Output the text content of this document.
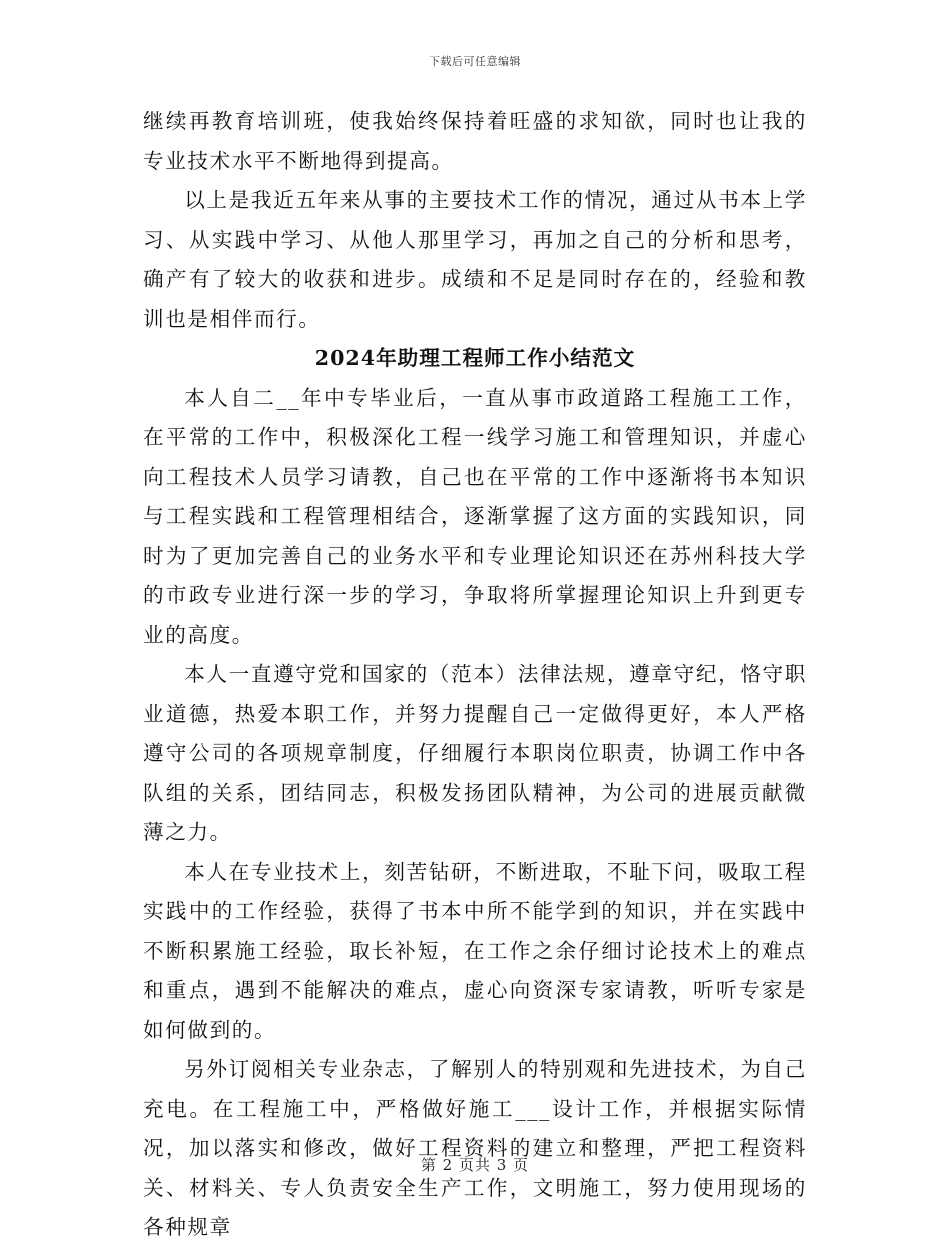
下载后可任意编辑

继续再教育培训班，使我始终保持着旺盛的求知欲，同时也让我的专业技术水平不断地得到提高。

以上是我近五年来从事的主要技术工作的情况，通过从书本上学习、从实践中学习、从他人那里学习，再加之自己的分析和思考，确产有了较大的收获和进步。成绩和不足是同时存在的，经验和教训也是相伴而行。

2024年助理工程师工作小结范文

本人自二__年中专毕业后，一直从事市政道路工程施工工作，在平常的工作中，积极深化工程一线学习施工和管理知识，并虚心向工程技术人员学习请教，自己也在平常的工作中逐渐将书本知识与工程实践和工程管理相结合，逐渐掌握了这方面的实践知识，同时为了更加完善自己的业务水平和专业理论知识还在苏州科技大学的市政专业进行深一步的学习，争取将所掌握理论知识上升到更专业的高度。

本人一直遵守党和国家的（范本）法律法规，遵章守纪，恪守职业道德，热爱本职工作，并努力提醒自己一定做得更好，本人严格遵守公司的各项规章制度，仔细履行本职岗位职责，协调工作中各队组的关系，团结同志，积极发扬团队精神，为公司的进展贡献微薄之力。

本人在专业技术上，刻苦钻研，不断进取，不耻下问，吸取工程实践中的工作经验，获得了书本中所不能学到的知识，并在实践中不断积累施工经验，取长补短，在工作之余仔细讨论技术上的难点和重点，遇到不能解决的难点，虚心向资深专家请教，听听专家是如何做到的。

另外订阅相关专业杂志，了解别人的特别观和先进技术，为自己充电。在工程施工中，严格做好施工___设计工作，并根据实际情况，加以落实和修改，做好工程资料的建立和整理，严把工程资料关、材料关、专人负责安全生产工作，文明施工，努力使用现场的各种规章

第 2 页共 3 页
